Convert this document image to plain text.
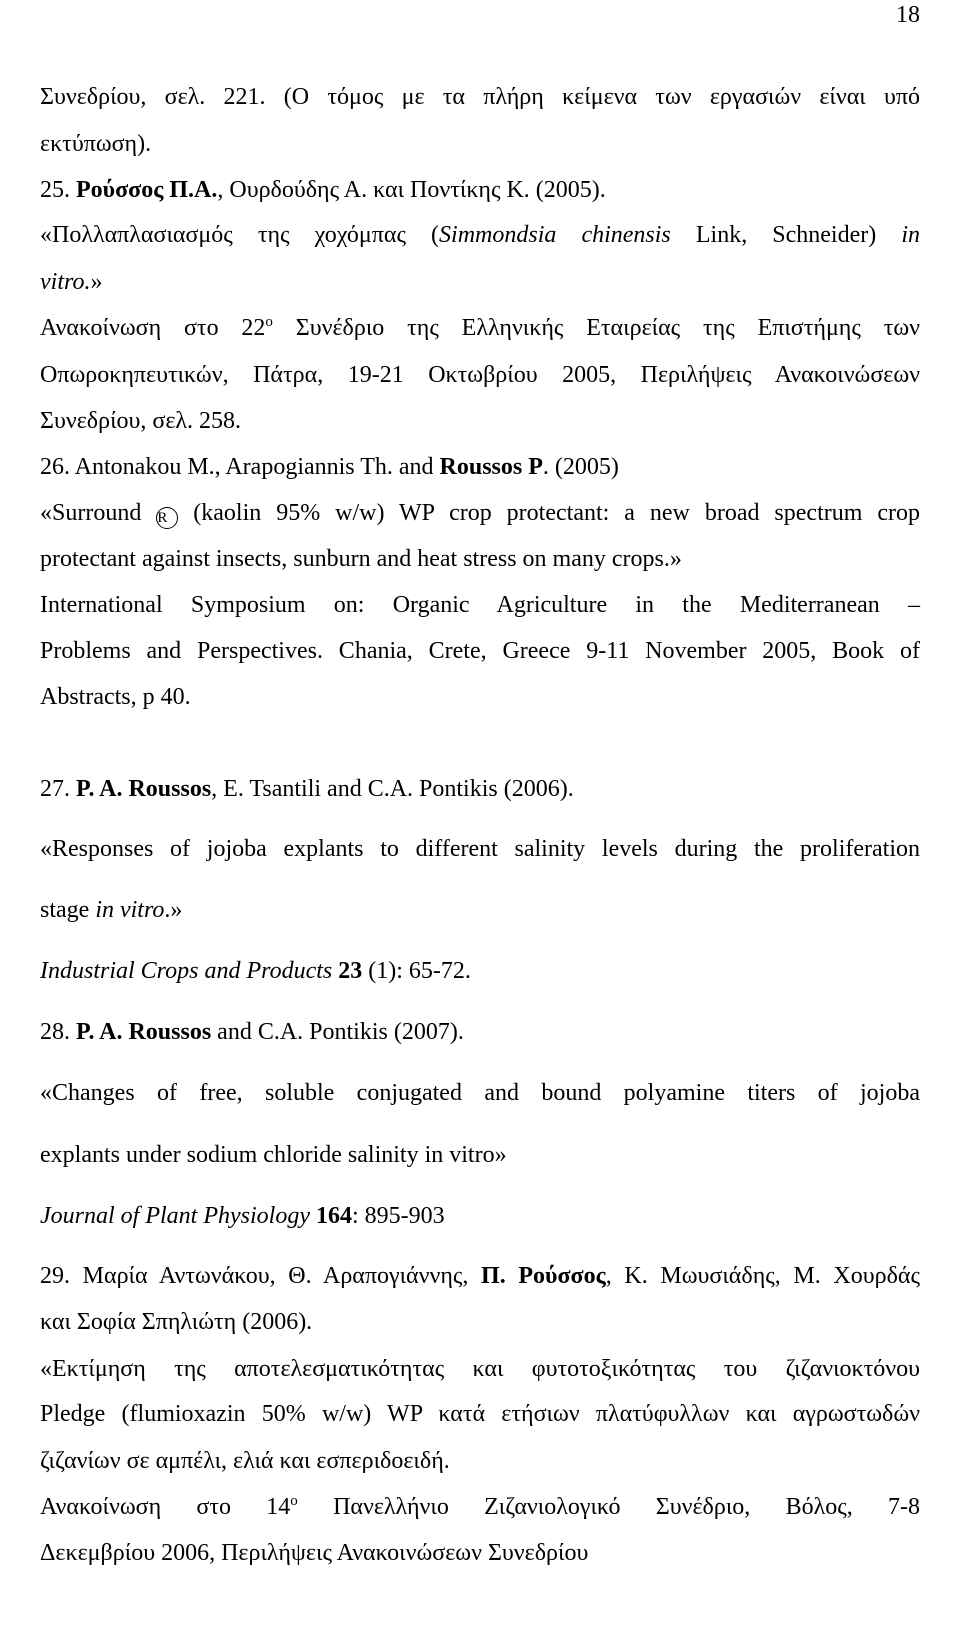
18
Συνεδρίου, σελ. 221. (Ο τόμος με τα πλήρη κείμενα των εργασιών είναι υπό
εκτύπωση).
25. Ρούσσος Π.Α., Ουρδούδης Α. και Ποντίκης Κ. (2005).
«Πολλαπλασιασμός της χοχόμπας (Simmondsia chinensis Link, Schneider) in
vitro.»
Ανακοίνωση στο $22^o$ Συνέδριο της Ελληνικής Εταιρείας της Επιστήμης των
Οπωροκηπευτικών, Πάτρα, 19-21 Οκτωβρίου 2005, Περιλήψεις Ανακοινώσεων
Συνεδρίου, σελ. 258.
26. Antonakou M., Arapogiannis Th. and Roussos P. (2005)
«Surround R (kaolin 95% w/w) WP crop protectant: a new broad spectrum crop
protectant against insects, sunburn and heat stress on many crops.»
International Symposium on: Organic Agriculture in the Mediterranean –
Problems and Perspectives. Chania, Crete, Greece 9-11 November 2005, Book of
Abstracts, p 40.
27. P. A. Roussos, E. Tsantili and C.A. Pontikis (2006).
«Responses of jojoba explants to different salinity levels during the proliferation
stage in vitro.»
Industrial Crops and Products 23 (1): 65-72.
28. P. A. Roussos and C.A. Pontikis (2007).
«Changes of free, soluble conjugated and bound polyamine titers of jojoba
explants under sodium chloride salinity in vitro»
Journal of Plant Physiology 164: 895-903
29. Μαρία Αντωνάκου, Θ. Αραπογιάννης, Π. Ρούσσος, Κ. Μωυσιάδης, Μ. Χουρδάς
και Σοφία Σπηλιώτη (2006).
«Εκτίμηση της αποτελεσματικότητας και φυτοτοξικότητας του ζιζανιοκτόνου
Pledge (flumioxazin 50% w/w) WP κατά ετήσιων πλατύφυλλων και αγρωστωδών
ζιζανίων σε αμπέλι, ελιά και εσπεριδοειδή.
Ανακοίνωση στο $14^o$ Πανελλήνιο Ζιζανιολογικό Συνέδριο, Βόλος, 7-8
Δεκεμβρίου 2006, Περιλήψεις Ανακοινώσεων Συνεδρίου
